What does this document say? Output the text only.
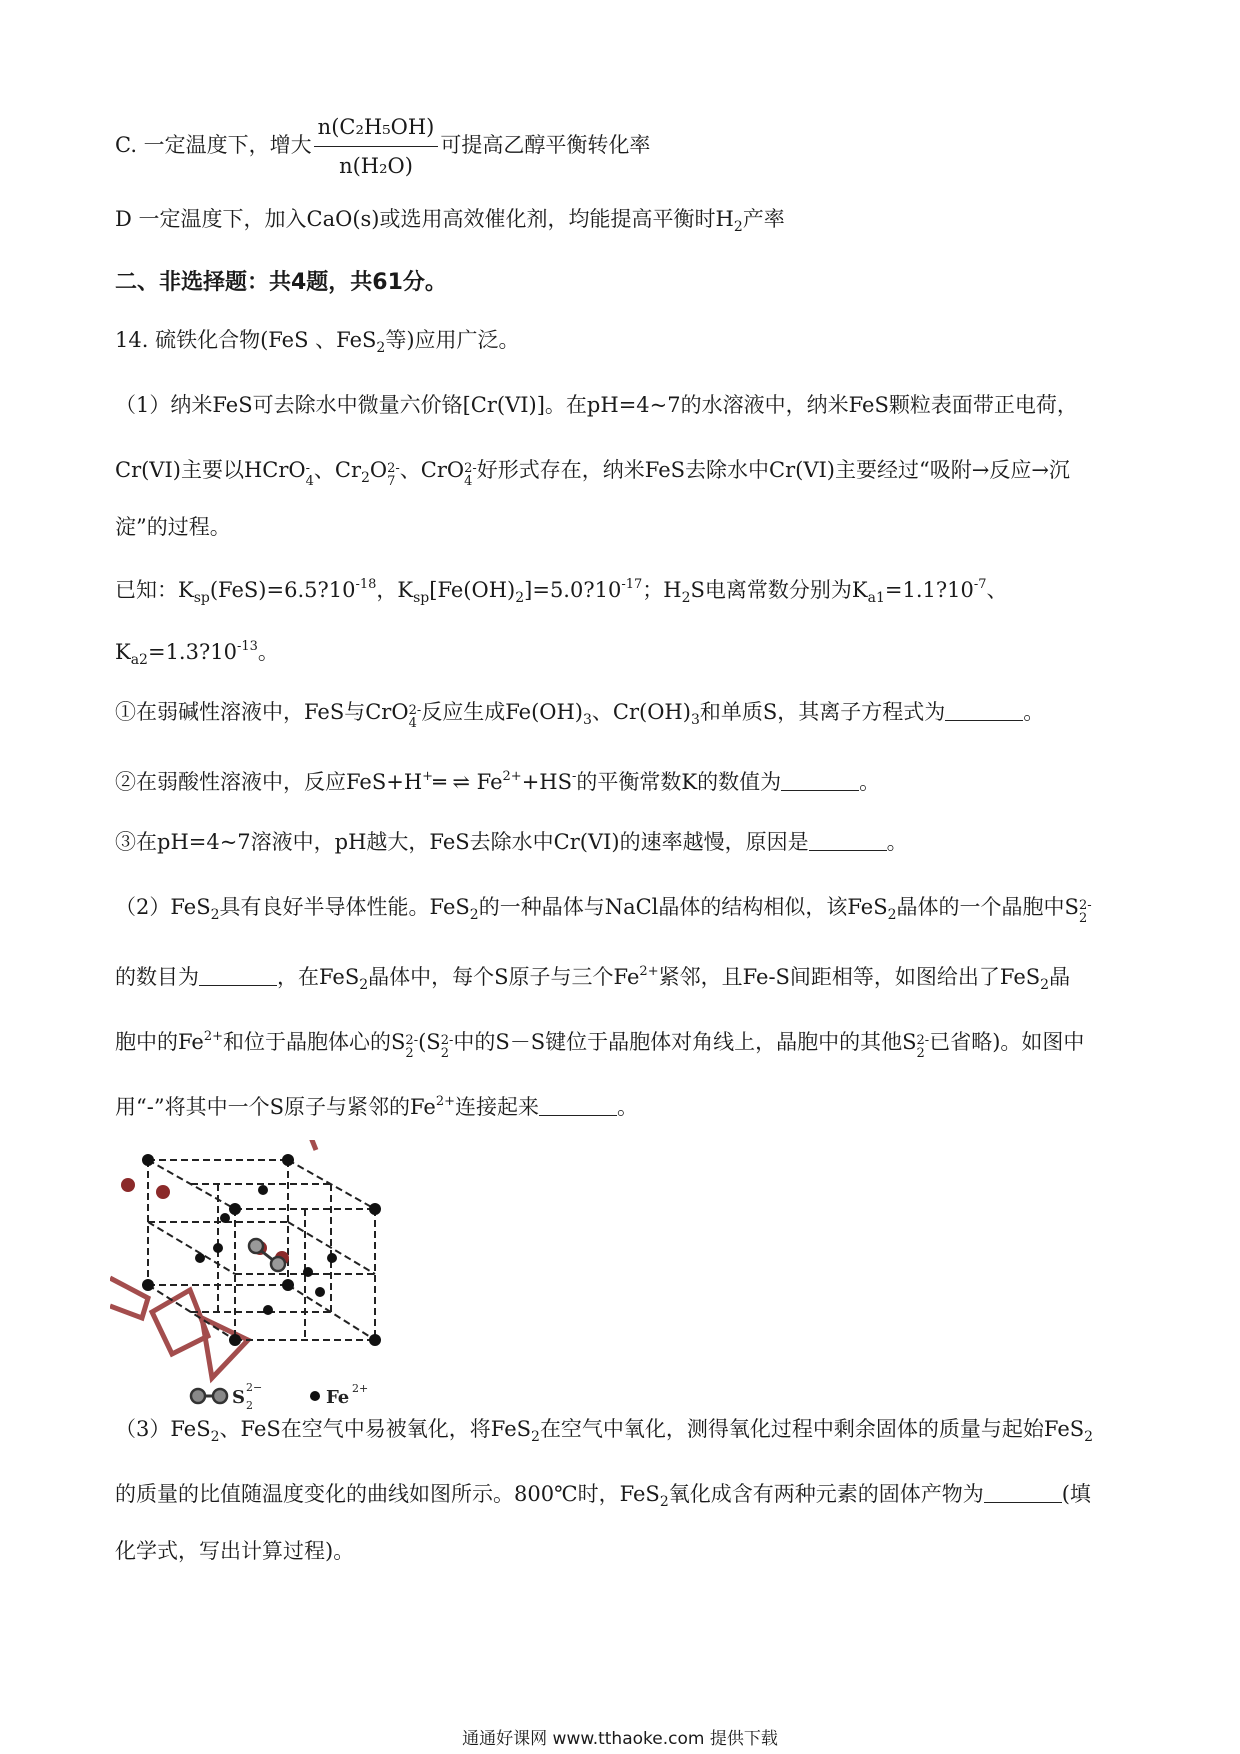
C. 一定温度下，增大 $\frac{\text{n(C₂H₅OH)}}{\text{n(H₂O)}}$ 可提高乙醇平衡转化率
D 一定温度下，加入CaO(s)或选用高效催化剂，均能提高平衡时$H_2$产率
二、非选择题：共4题，共61分。
14. 硫铁化合物(FeS 、FeS$_2$等)应用广泛。
（1）纳米FeS可去除水中微量六价铬[Cr(VI)]。在pH=4~7的水溶液中，纳米FeS颗粒表面带正电荷，
Cr(VI)主要以HCrO-
4、$Cr_2O2-$
7 、CrO2-
4 好形式存在，纳米FeS去除水中Cr(VI)主要经过“吸附→反应→沉
淀”的过程。
已知：$K_{sp}(FeS)=6.5?10^{-18}$，$K_{sp}[Fe(OH)_2]=5.0?10^{-17}$；$H_2S$电离常数分别为$K_{a1}=1.1?10^{-7}$、
$K_{a2}=1.3?10^{-13}$。
①在弱碱性溶液中，FeS与CrO2-
4 反应生成$Fe(OH)_3$、$Cr(OH)_3$和单质S，其离子方程式为	。
②在弱酸性溶液中，反应FeS+H+═ ⇌ $Fe^{2+}+HS^-$的平衡常数K的数值为	。
③在pH=4~7溶液中，pH越大，FeS去除水中Cr(VI)的速率越慢，原因是	。
（2）FeS$_2$具有良好半导体性能。FeS$_2$的一种晶体与NaCl晶体的结构相似，该FeS$_2$晶体的一个晶胞中S2-
2
的数目为	，在FeS$_2$晶体中，每个S原子与三个$Fe^{2+}$紧邻，且Fe-S间距相等，如图给出了FeS$_2$晶
胞中的$Fe^{2+}$和位于晶胞体心的S2-
2 (S2-
2 中的S－S键位于晶胞体对角线上，晶胞中的其他S2-
2 已省略)。如图中
用“-”将其中一个S原子与紧邻的$Fe^{2+}$连接起来	。
S 2−
2	Fe 2+
（3）FeS$_2$、FeS在空气中易被氧化，将FeS$_2$在空气中氧化，测得氧化过程中剩余固体的质量与起始FeS$_2$
的质量的比值随温度变化的曲线如图所示。800℃时，FeS$_2$氧化成含有两种元素的固体产物为	(填
化学式，写出计算过程)。
通通好课网 www.tthaoke.com 提供下载
